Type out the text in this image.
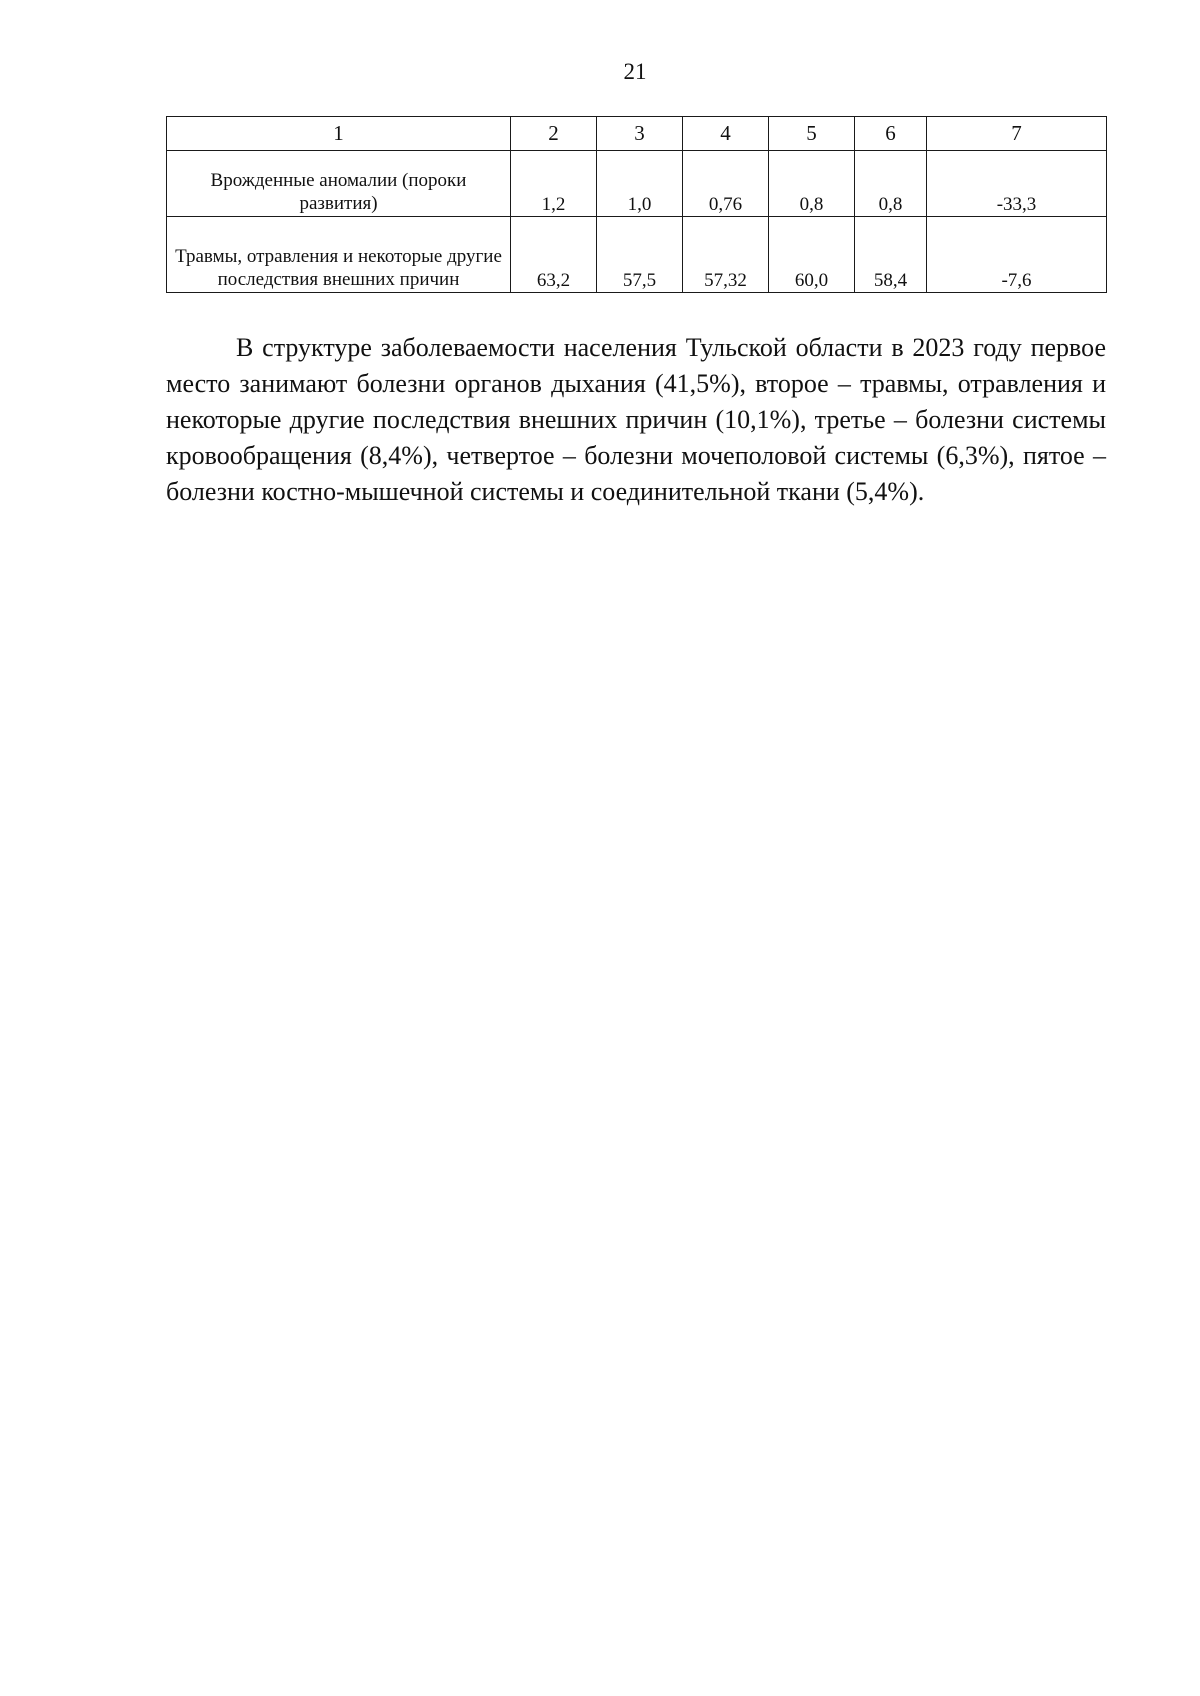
21
1	2	3	4	5	6	7
Врожденные аномалии (пороки развития)	1,2	1,0	0,76	0,8	0,8	-33,3
Травмы, отравления и некоторые другие последствия внешних причин	63,2	57,5	57,32	60,0	58,4	-7,6

В структуре заболеваемости населения Тульской области в 2023 году первое место занимают болезни органов дыхания (41,5%), второе – травмы, отравления и некоторые другие последствия внешних причин (10,1%), третье – болезни системы кровообращения (8,4%), четвертое – болезни мочеполовой системы (6,3%), пятое – болезни костно-мышечной системы и соединительной ткани (5,4%).
